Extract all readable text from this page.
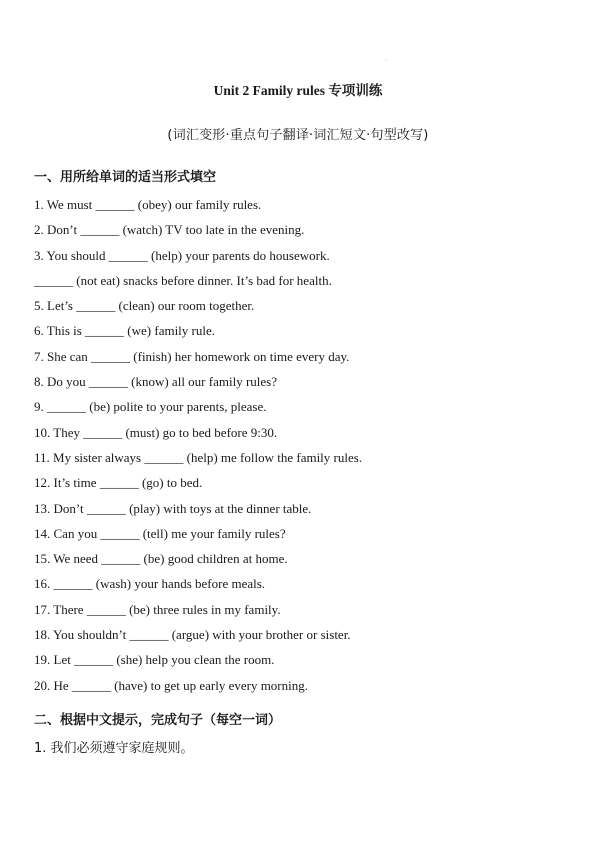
·
Unit 2 Family rules 专项训练
(词汇变形·重点句子翻译·词汇短文·句型改写)
一、用所给单词的适当形式填空
1. We must ______ (obey) our family rules.
2. Don’t ______ (watch) TV too late in the evening.
3. You should ______ (help) your parents do housework.
______ (not eat) snacks before dinner. It’s bad for health.
5. Let’s ______ (clean) our room together.
6. This is ______ (we) family rule.
7. She can ______ (finish) her homework on time every day.
8. Do you ______ (know) all our family rules?
9. ______ (be) polite to your parents, please.
10. They ______ (must) go to bed before 9:30.
11. My sister always ______ (help) me follow the family rules.
12. It’s time ______ (go) to bed.
13. Don’t ______ (play) with toys at the dinner table.
14. Can you ______ (tell) me your family rules?
15. We need ______ (be) good children at home.
16. ______ (wash) your hands before meals.
17. There ______ (be) three rules in my family.
18. You shouldn’t ______ (argue) with your brother or sister.
19. Let ______ (she) help you clean the room.
20. He ______ (have) to get up early every morning.
二、根据中文提示，完成句子（每空一词）
1. 我们必须遵守家庭规则。
